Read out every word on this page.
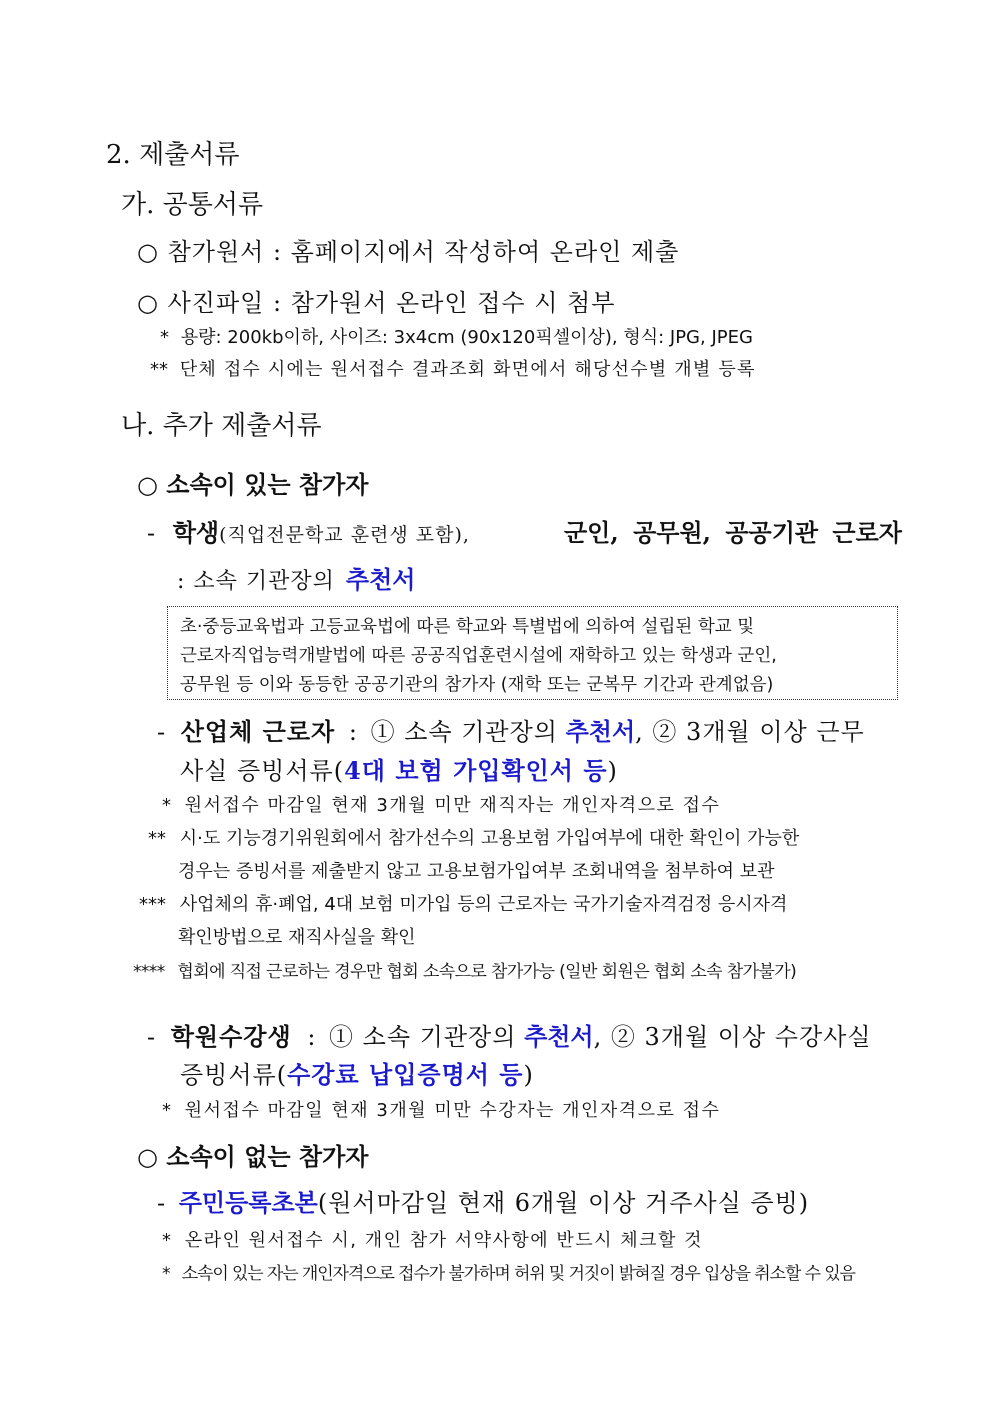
2. 제출서류
가. 공통서류
○ 참가원서 : 홈페이지에서 작성하여 온라인 제출
○ 사진파일 : 참가원서 온라인 접수 시 첨부
* 용량: 200kb이하, 사이즈: 3x4cm (90x120픽셀이상), 형식: JPG, JPEG
** 단체 접수 시에는 원서접수 결과조회 화면에서 해당선수별 개별 등록
나. 추가 제출서류
○ 소속이 있는 참가자
- 학생(직업전문학교 훈련생 포함),	군인, 공무원, 공공기관 근로자
: 소속 기관장의 추천서
초·중등교육법과 고등교육법에 따른 학교와 특별법에 의하여 설립된 학교 및
근로자직업능력개발법에 따른 공공직업훈련시설에 재학하고 있는 학생과 군인,
공무원 등 이와 동등한 공공기관의 참가자 (재학 또는 군복무 기간과 관계없음)
- 산업체 근로자 : ① 소속 기관장의 추천서, ② 3개월 이상 근무
사실 증빙서류(4대 보험 가입확인서 등)
* 원서접수 마감일 현재 3개월 미만 재직자는 개인자격으로 접수
** 시·도 기능경기위원회에서 참가선수의 고용보험 가입여부에 대한 확인이 가능한
경우는 증빙서를 제출받지 않고 고용보험가입여부 조회내역을 첨부하여 보관
*** 사업체의 휴·폐업, 4대 보험 미가입 등의 근로자는 국가기술자격검정 응시자격
확인방법으로 재직사실을 확인
**** 협회에 직접 근로하는 경우만 협회 소속으로 참가가능 (일반 회원은 협회 소속 참가불가)
- 학원수강생 : ① 소속 기관장의 추천서, ② 3개월 이상 수강사실
증빙서류(수강료 납입증명서 등)
* 원서접수 마감일 현재 3개월 미만 수강자는 개인자격으로 접수
○ 소속이 없는 참가자
- 주민등록초본(원서마감일 현재 6개월 이상 거주사실 증빙)
* 온라인 원서접수 시, 개인 참가 서약사항에 반드시 체크할 것
* 소속이 있는 자는 개인자격으로 접수가 불가하며 허위 및 거짓이 밝혀질 경우 입상을 취소할 수 있음
